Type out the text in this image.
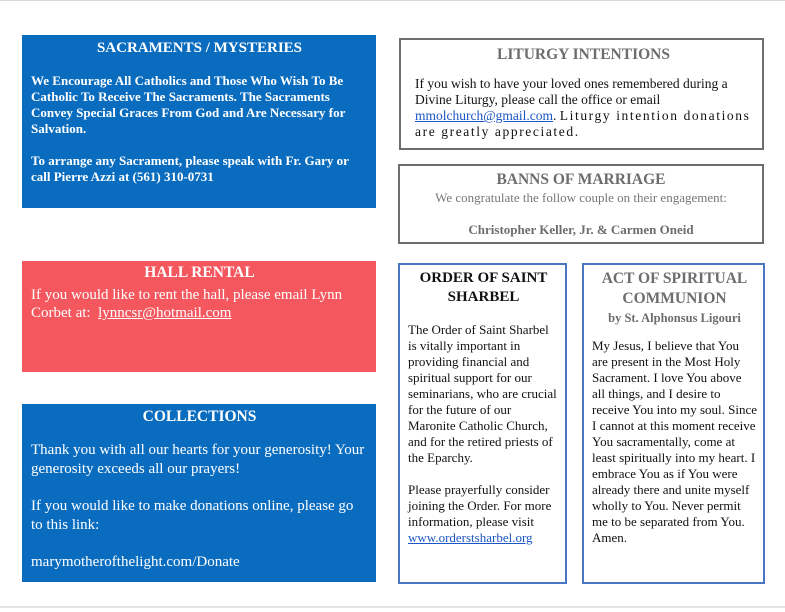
SACRAMENTS / MYSTERIES

We Encourage All Catholics and Those Who Wish To Be Catholic To Receive The Sacraments. The Sacraments Convey Special Graces From God and Are Necessary for Salvation.

To arrange any Sacrament, please speak with Fr. Gary or call Pierre Azzi at (561) 310-0731

LITURGY INTENTIONS

If you wish to have your loved ones remembered during a Divine Liturgy, please call the office or email mmolchurch@gmail.com. Liturgy intention donations are greatly appreciated.

BANNS OF MARRIAGE
We congratulate the follow couple on their engagement:
Christopher Keller, Jr. & Carmen Oneid
HALL RENTAL

If you would like to rent the hall, please email Lynn Corbet at: lynncsr@hotmail.com

COLLECTIONS

Thank you with all our hearts for your generosity! Your generosity exceeds all our prayers!

If you would like to make donations online, please go to this link:

marymotherofthelight.com/Donate

ORDER OF SAINT SHARBEL

The Order of Saint Sharbel is vitally important in providing financial and spiritual support for our seminarians, who are crucial for the future of our Maronite Catholic Church, and for the retired priests of the Eparchy.

Please prayerfully consider joining the Order. For more information, please visit www.orderstsharbel.org

ACT OF SPIRITUAL COMMUNION
by St. Alphonsus Ligouri

My Jesus, I believe that You are present in the Most Holy Sacrament. I love You above all things, and I desire to receive You into my soul. Since I cannot at this moment receive You sacramentally, come at least spiritually into my heart. I embrace You as if You were already there and unite myself wholly to You. Never permit me to be separated from You. Amen.
